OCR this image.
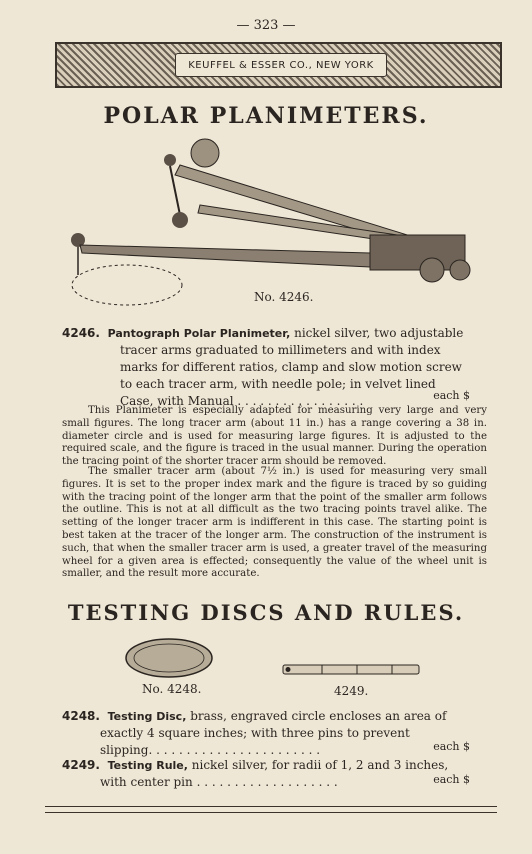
— 323 —
KEUFFEL & ESSER CO., NEW YORK
POLAR PLANIMETERS.
No. 4246.
4246. Pantograph Polar Planimeter, nickel silver, two adjustable
tracer arms graduated to millimeters and with index
marks for different ratios, clamp and slow motion screw
to each tracer arm, with needle pole; in velvet lined
Case, with Manual . . . . . . . . . . . . . . . . .	each $
This Planimeter is especially adapted for measuring very large and very small figures. The long tracer arm (about 11 in.) has a range covering a 38 in. diameter circle and is used for measuring large figures. It is adjusted to the required scale, and the figure is traced in the usual manner. During the operation the tracing point of the shorter tracer arm should be removed.
The smaller tracer arm (about 7½ in.) is used for measuring very small figures. It is set to the proper index mark and the figure is traced by so guiding with the tracing point of the longer arm that the point of the smaller arm follows the outline. This is not at all difficult as the two tracing points travel alike. The setting of the longer tracer arm is indifferent in this case. The starting point is best taken at the tracer of the longer arm. The construction of the instrument is such, that when the smaller tracer arm is used, a greater travel of the measuring wheel for a given area is effected; consequently the value of the wheel unit is smaller, and the result more accurate.
TESTING DISCS AND RULES.
No. 4248.	4249.
4248. Testing Disc, brass, engraved circle encloses an area of
exactly 4 square inches; with three pins to prevent
slipping. . . . . . . . . . . . . . . . . . . . . . .	each $
4249. Testing Rule, nickel silver, for radii of 1, 2 and 3 inches,
with center pin . . . . . . . . . . . . . . . . . . .	each $
